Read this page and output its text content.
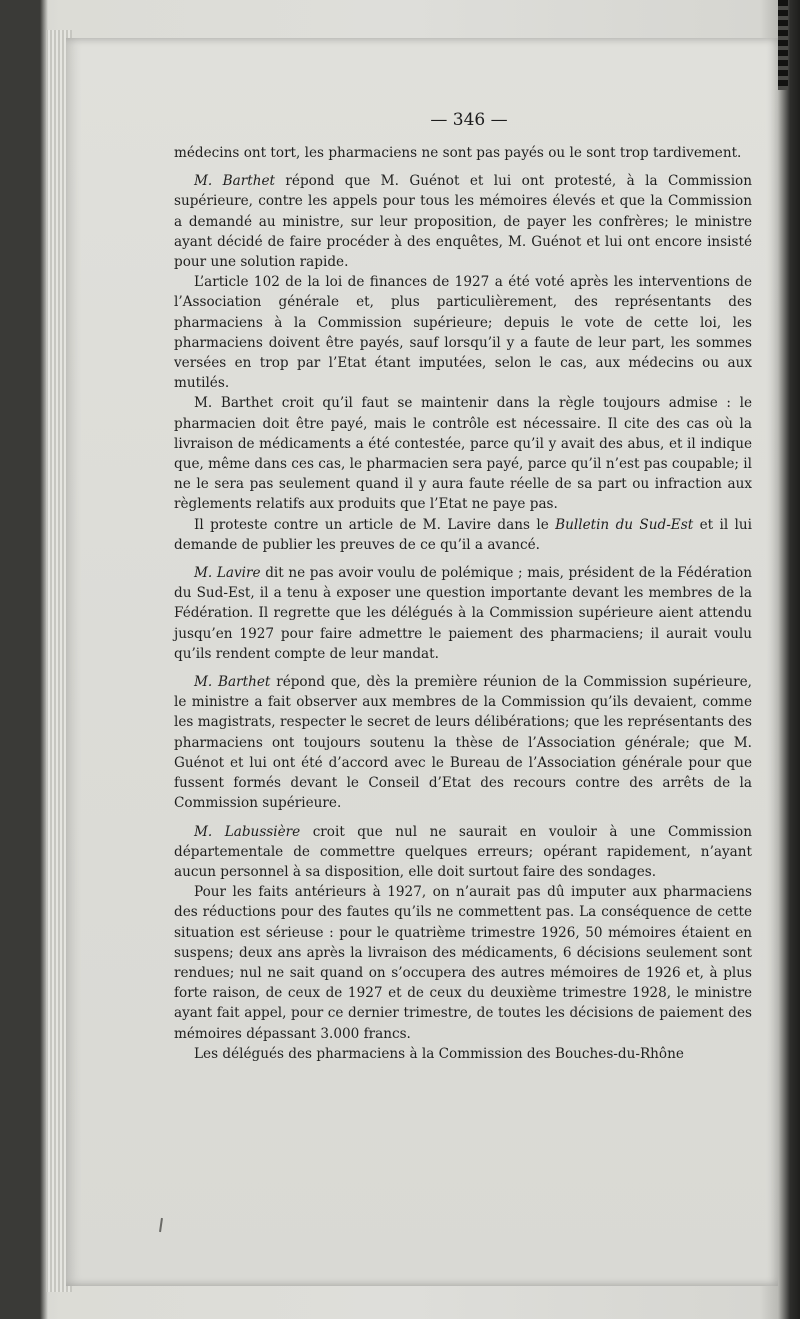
— 346 —

médecins ont tort, les pharmaciens ne sont pas payés ou le sont trop tardivement.

M. Barthet répond que M. Guénot et lui ont protesté, à la Commission supérieure, contre les appels pour tous les mémoires élevés et que la Commission a demandé au ministre, sur leur proposition, de payer les confrères; le ministre ayant décidé de faire procéder à des enquêtes, M. Guénot et lui ont encore insisté pour une solution rapide.

L’article 102 de la loi de finances de 1927 a été voté après les interventions de l’Association générale et, plus particulièrement, des représentants des pharmaciens à la Commission supérieure; depuis le vote de cette loi, les pharmaciens doivent être payés, sauf lorsqu’il y a faute de leur part, les sommes versées en trop par l’Etat étant imputées, selon le cas, aux médecins ou aux mutilés.

M. Barthet croit qu’il faut se maintenir dans la règle toujours admise : le pharmacien doit être payé, mais le contrôle est nécessaire. Il cite des cas où la livraison de médicaments a été contestée, parce qu’il y avait des abus, et il indique que, même dans ces cas, le pharmacien sera payé, parce qu’il n’est pas coupable; il ne le sera pas seulement quand il y aura faute réelle de sa part ou infraction aux règlements relatifs aux produits que l’Etat ne paye pas.

Il proteste contre un article de M. Lavire dans le Bulletin du Sud-Est et il lui demande de publier les preuves de ce qu’il a avancé.

M. Lavire dit ne pas avoir voulu de polémique ; mais, président de la Fédération du Sud-Est, il a tenu à exposer une question importante devant les membres de la Fédération. Il regrette que les délégués à la Commission supérieure aient attendu jusqu’en 1927 pour faire admettre le paiement des pharmaciens; il aurait voulu qu’ils rendent compte de leur mandat.

M. Barthet répond que, dès la première réunion de la Commission supérieure, le ministre a fait observer aux membres de la Commission qu’ils devaient, comme les magistrats, respecter le secret de leurs délibérations; que les représentants des pharmaciens ont toujours soutenu la thèse de l’Association générale; que M. Guénot et lui ont été d’accord avec le Bureau de l’Association générale pour que fussent formés devant le Conseil d’Etat des recours contre des arrêts de la Commission supérieure.

M. Labussière croit que nul ne saurait en vouloir à une Commission départementale de commettre quelques erreurs; opérant rapidement, n’ayant aucun personnel à sa disposition, elle doit surtout faire des sondages.

Pour les faits antérieurs à 1927, on n’aurait pas dû imputer aux pharmaciens des réductions pour des fautes qu’ils ne commettent pas. La conséquence de cette situation est sérieuse : pour le quatrième trimestre 1926, 50 mémoires étaient en suspens; deux ans après la livraison des médicaments, 6 décisions seulement sont rendues; nul ne sait quand on s’occupera des autres mémoires de 1926 et, à plus forte raison, de ceux de 1927 et de ceux du deuxième trimestre 1928, le ministre ayant fait appel, pour ce dernier trimestre, de toutes les décisions de paiement des mémoires dépassant 3.000 francs.

Les délégués des pharmaciens à la Commission des Bouches-du-Rhône
